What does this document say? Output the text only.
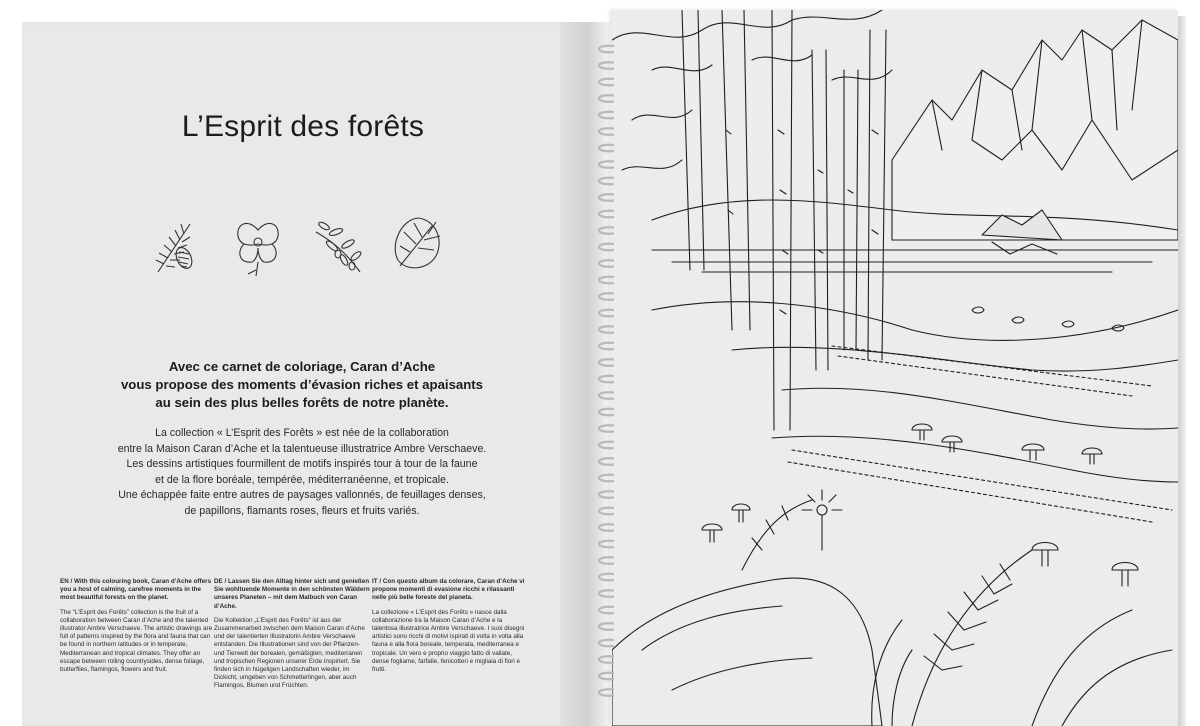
L’Esprit des forêts
Avec ce carnet de coloriage, Caran d’Ache
vous propose des moments d’évasion riches et apaisants
au sein des plus belles forêts de notre planète.
La collection « L’Esprit des Forêts » est née de la collaboration
entre la Maison Caran d’Ache et la talentueuse illustratrice Ambre Verschaeve.
Les dessins artistiques fourmillent de motifs inspirés tour à tour de la faune
et de la flore boréale, tempérée, méditerranéenne, et tropicale.
Une échappée faite entre autres de paysages vallonnés, de feuillages denses,
de papillons, flamants roses, fleurs et fruits variés.
EN / With this colouring book, Caran d’Ache offers you a host of calming, carefree moments in the most beautiful forests on the planet.
The “L’Esprit des Forêts” collection is the fruit of a collaboration between Caran d’Ache and the talented illustrator Ambre Verschaeve. The artistic drawings are full of patterns inspired by the flora and fauna that can be found in northern latitudes or in temperate, Mediterranean and tropical climates. They offer an escape between rolling countrysides, dense foliage, butterflies, flamingos, flowers and fruit.
DE / Lassen Sie den Alltag hinter sich und genießen Sie wohltuende Momente in den schönsten Wäldern unseres Planeten – mit dem Malbuch von Caran d’Ache.
Die Kollektion „L’Esprit des Forêts“ ist aus der Zusammenarbeit zwischen dem Maison Caran d’Ache und der talentierten Illustratorin Ambre Verschaeve entstanden. Die Illustrationen sind von der Pflanzen- und Tierwelt der borealen, gemäßigten, mediterranen und tropischen Regionen unserer Erde inspiriert. Sie finden sich in hügeligen Landschaften wieder, im Dickicht, umgeben von Schmetterlingen, aber auch Flamingos, Blumen und Früchten.
IT / Con questo album da colorare, Caran d’Ache vi propone momenti di evasione ricchi e rilassanti nelle più belle foreste del pianeta.
La collezione « L’Esprit des Forêts » nasce dalla collaborazione tra la Maison Caran d’Ache e la talentosa illustratrice Ambre Verschaeve. I suoi disegni artistici sono ricchi di motivi ispirati di volta in volta alla fauna e alla flora boreale, temperata, mediterranea e tropicale. Un vero e proprio viaggio fatto di vallate, dense fogliame, farfalle, fenicotteri e migliaia di fiori e frutti.
